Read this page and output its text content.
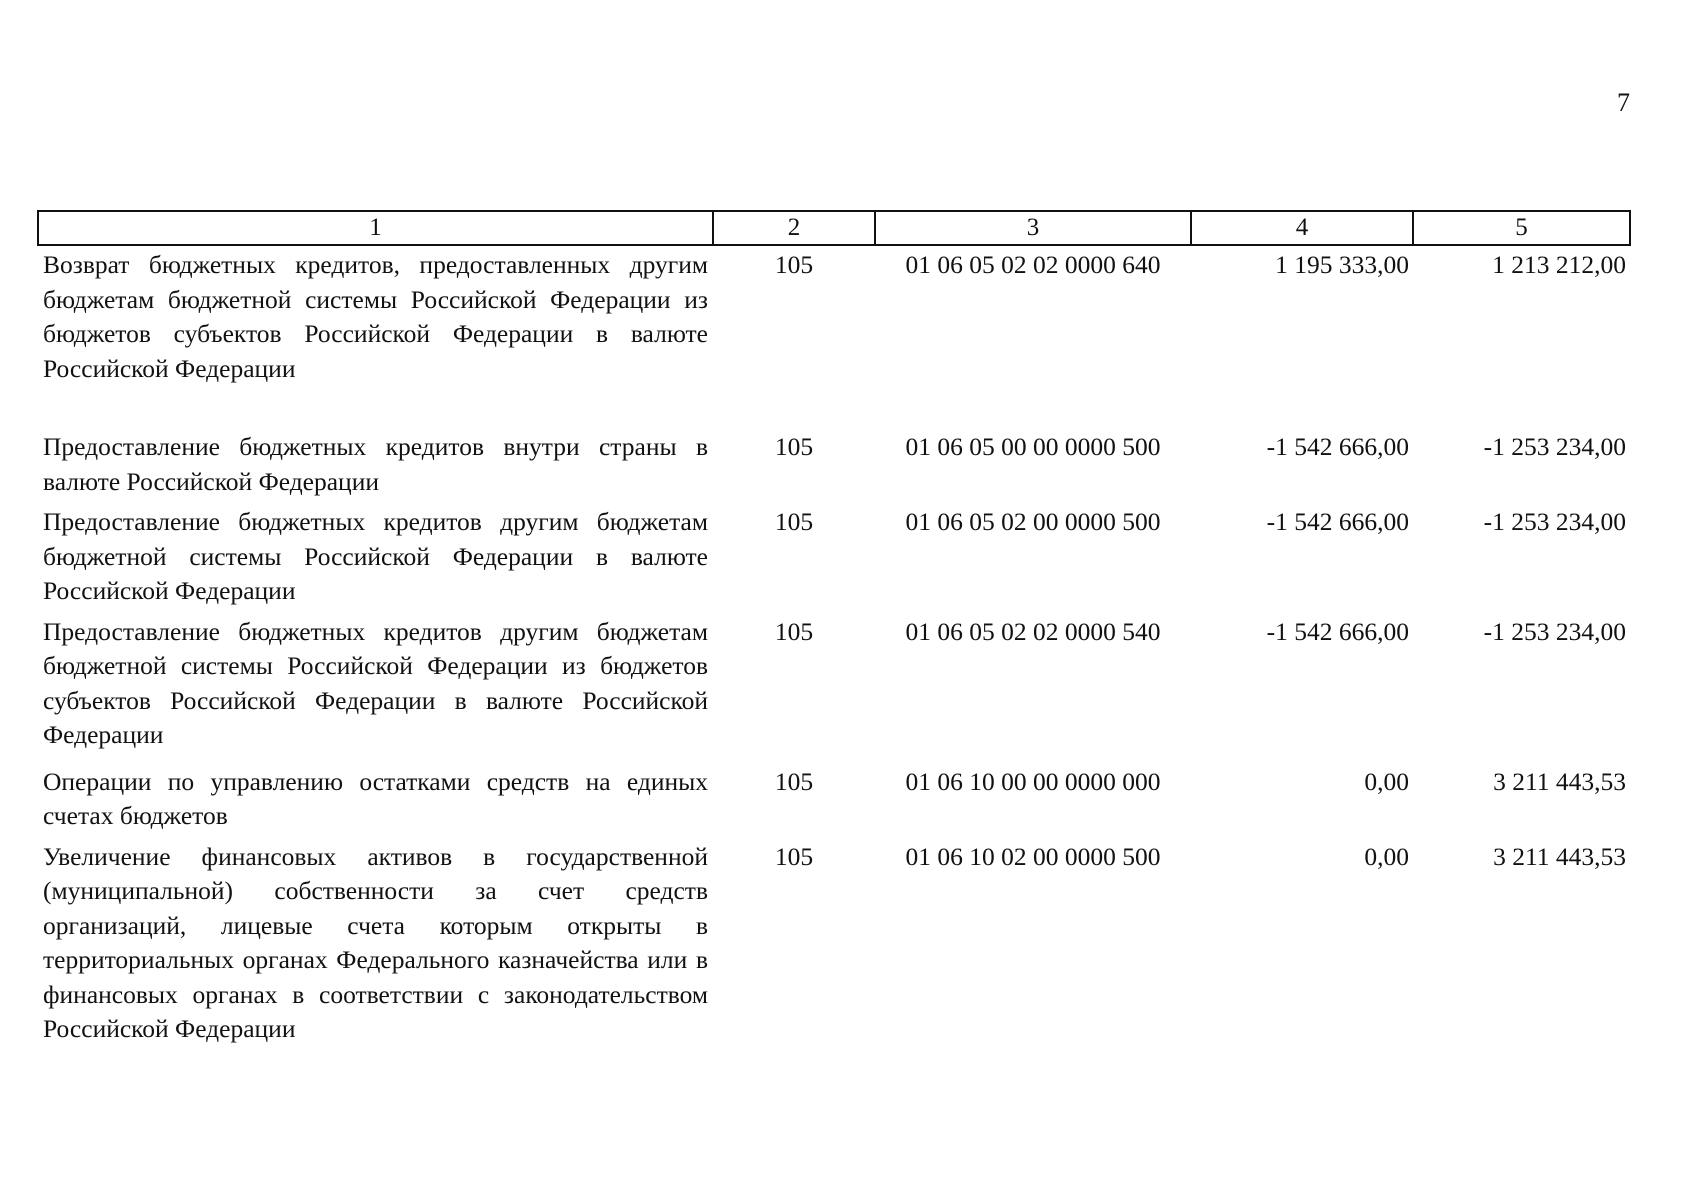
7
1	2	3	4	5
Возврат бюджетных кредитов, предоставленных другим бюджетам бюджетной системы Российской Федерации из бюджетов субъектов Российской Федерации в валюте Российской Федерации	105	01 06 05 02 02 0000 640	1 195 333,00	1 213 212,00
Предоставление бюджетных кредитов внутри страны в валюте Российской Федерации	105	01 06 05 00 00 0000 500	-1 542 666,00	-1 253 234,00
Предоставление бюджетных кредитов другим бюджетам бюджетной системы Российской Федерации в валюте Российской Федерации	105	01 06 05 02 00 0000 500	-1 542 666,00	-1 253 234,00
Предоставление бюджетных кредитов другим бюджетам бюджетной системы Российской Федерации из бюджетов субъектов Российской Федерации в валюте Российской Федерации	105	01 06 05 02 02 0000 540	-1 542 666,00	-1 253 234,00
Операции по управлению остатками средств на единых счетах бюджетов	105	01 06 10 00 00 0000 000	0,00	3 211 443,53
Увеличение финансовых активов в государственной (муниципальной) собственности за счет средств организаций, лицевые счета которым открыты в территориальных органах Федерального казначейства или в финансовых органах в соответствии с законодательством Российской Федерации	105	01 06 10 02 00 0000 500	0,00	3 211 443,53
